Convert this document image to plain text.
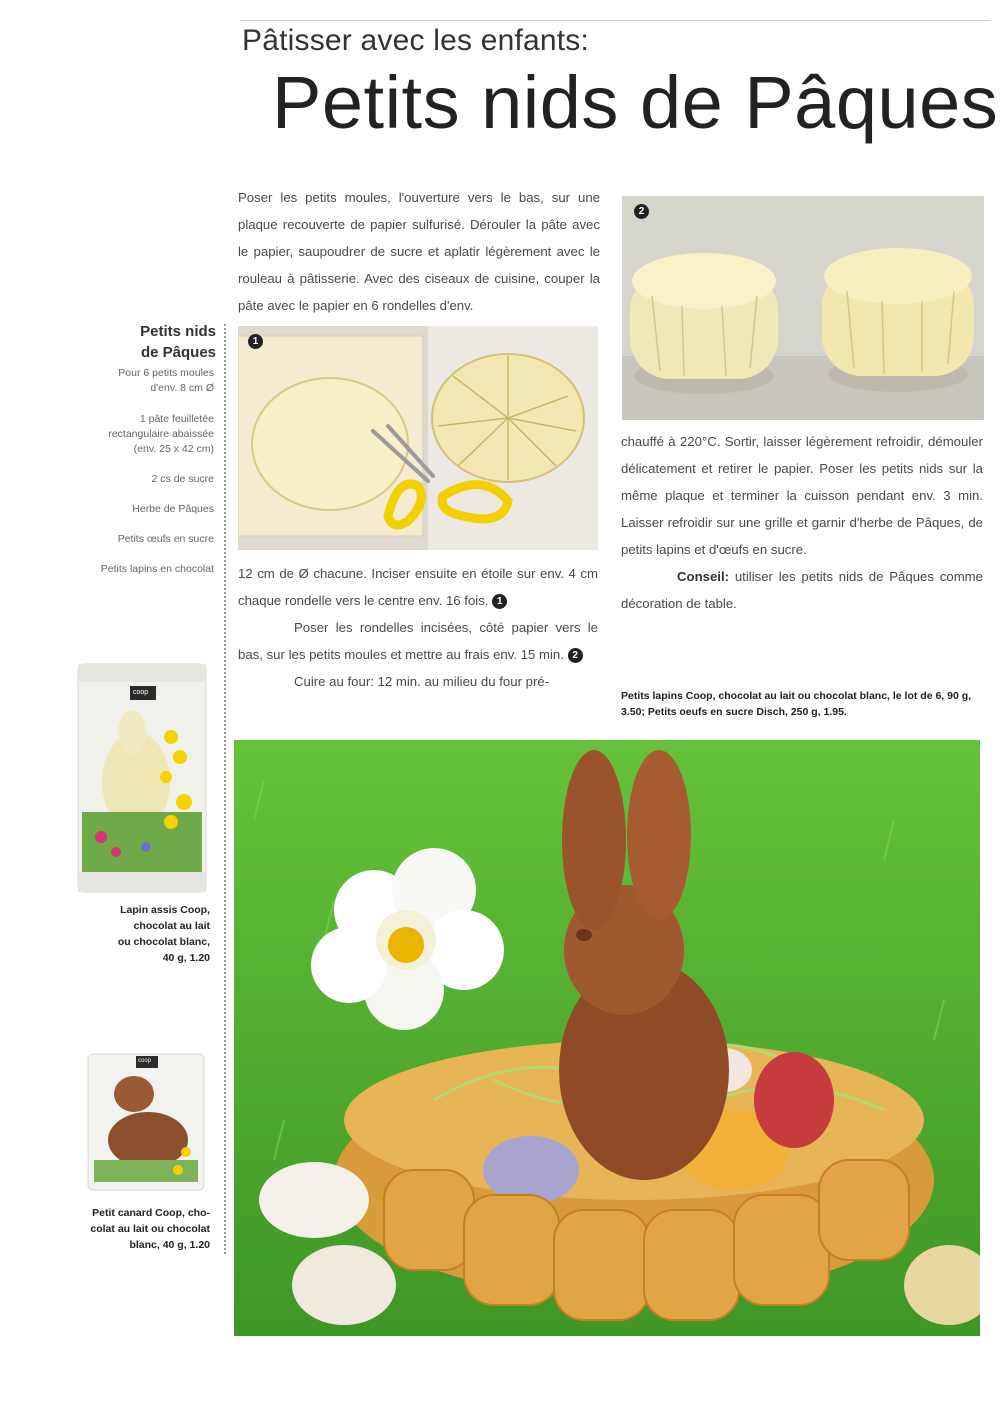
Pâtisser avec les enfants:
Petits nids de Pâques

Poser les petits moules, l'ouverture vers le bas, sur une plaque recouverte de papier sulfurisé. Dérouler la pâte avec le papier, saupoudrer de sucre et aplatir légèrement avec le rouleau à pâtisserie. Avec des ciseaux de cuisine, couper la pâte avec le papier en 6 rondelles d'env.

1

12 cm de Ø chacune. Inciser ensuite en étoile sur env. 4 cm chaque rondelle vers le centre env. 16 fois. 1

Poser les rondelles incisées, côté papier vers le bas, sur les petits moules et mettre au frais env. 15 min. 2

Cuire au four: 12 min. au milieu du four pré-

2

chauffé à 220°C. Sortir, laisser légèrement refroidir, démouler délicatement et retirer le papier. Poser les petits nids sur la même plaque et terminer la cuisson pendant env. 3 min. Laisser refroidir sur une grille et garnir d'herbe de Pâques, de petits lapins et d'œufs en sucre.

Conseil: utiliser les petits nids de Pâques comme décoration de table.

Petits lapins Coop, chocolat au lait ou chocolat blanc, le lot de 6, 90 g, 3.50; Petits oeufs en sucre Disch, 250 g, 1.95.
Petits nids
de Pâques
Pour 6 petits moules
d'env. 8 cm Ø
1 pâte feuilletée
rectangulaire abaissée
(env. 25 x 42 cm)
2 cs de sucre
Herbe de Pâques
Petits œufs en sucre
Petits lapins en chocolat
coop
Lapin assis Coop,
chocolat au lait
ou chocolat blanc,
40 g, 1.20
coop
Petit canard Coop, cho-
colat au lait ou chocolat
blanc, 40 g, 1.20
